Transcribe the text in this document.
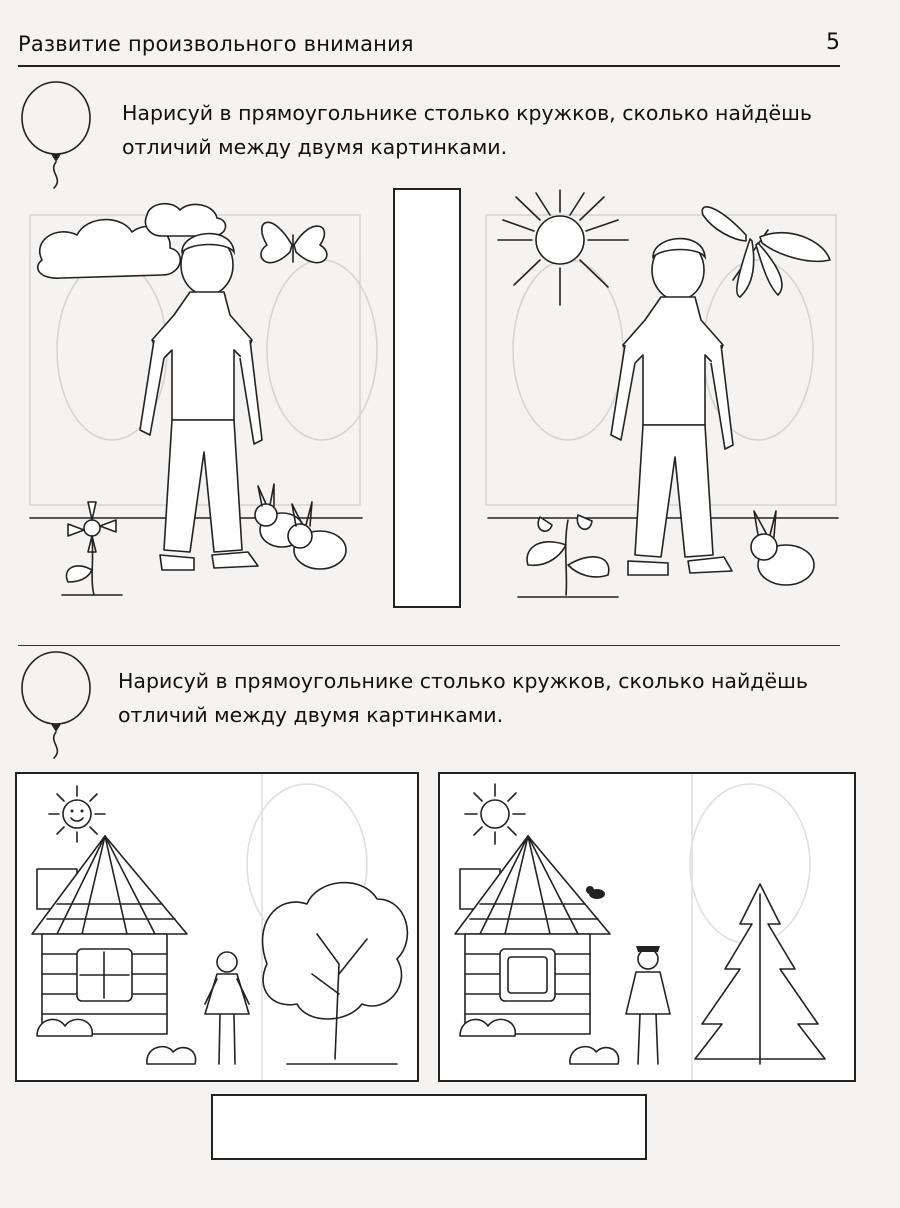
Развитие произвольного внимания	5
Нарисуй в прямоугольнике столько кружков, сколько найдёшь
отличий между двумя картинками.
Нарисуй в прямоугольнике столько кружков, сколько найдёшь
отличий между двумя картинками.
